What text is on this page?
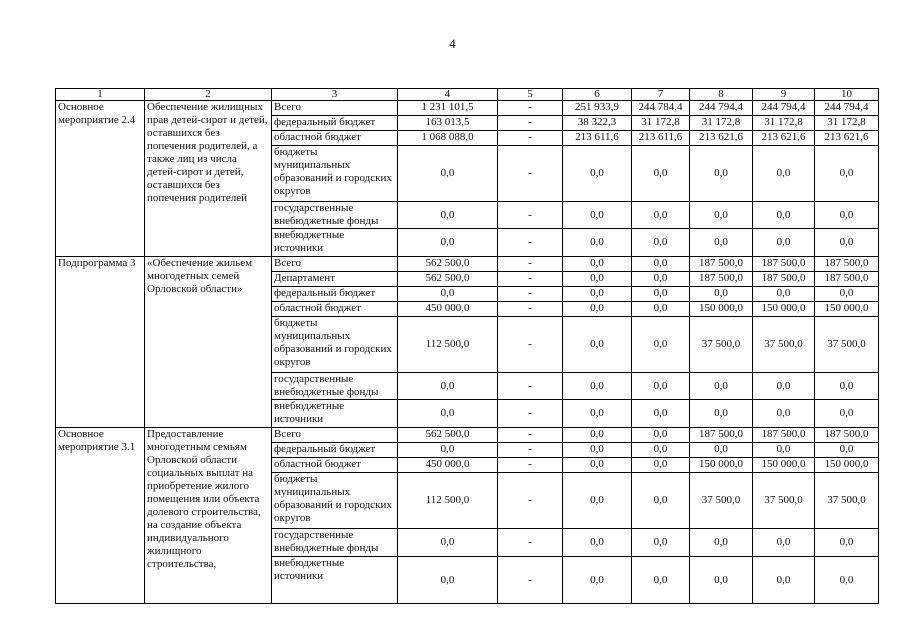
4
1	2	3	4	5	6	7	8	9	10
Основное мероприятие 2.4	Обеспечение жилищных прав детей-сирот и детей, оставшихся без попечения родителей, а также лиц из числа детей-сирот и детей, оставшихся без попечения родителей	Всего	1 231 101,5	-	251 933,9	244 784,4	244 794,4	244 794,4	244 794,4
		федеральный бюджет	163 013,5	-	38 322,3	31 172,8	31 172,8	31 172,8	31 172,8
		областной бюджет	1 068 088,0	-	213 611,6	213 611,6	213 621,6	213 621,6	213 621,6
		бюджеты муниципальных образований и городских округов	0,0	-	0,0	0,0	0,0	0,0	0,0
		государственные внебюджетные фонды	0,0	-	0,0	0,0	0,0	0,0	0,0
		внебюджетные источники	0,0	-	0,0	0,0	0,0	0,0	0,0
Подпрограмма 3	«Обеспечение жильем многодетных семей Орловской области»	Всего	562 500,0	-	0,0	0,0	187 500,0	187 500,0	187 500,0
		Департамент	562 500,0	-	0,0	0,0	187 500,0	187 500,0	187 500,0
		федеральный бюджет	0,0	-	0,0	0,0	0,0	0,0	0,0
		областной бюджет	450 000,0	-	0,0	0,0	150 000,0	150 000,0	150 000,0
		бюджеты муниципальных образований и городских округов	112 500,0	-	0,0	0,0	37 500,0	37 500,0	37 500,0
		государственные внебюджетные фонды	0,0	-	0,0	0,0	0,0	0,0	0,0
		внебюджетные источники	0,0	-	0,0	0,0	0,0	0,0	0,0
Основное мероприятие 3.1	Предоставление многодетным семьям Орловской области социальных выплат на приобретение жилого помещения или объекта долевого строительства, на создание объекта индивидуального жилищного строительства,	Всего	562 500,0	-	0,0	0,0	187 500,0	187 500,0	187 500,0
		федеральный бюджет	0,0	-	0,0	0,0	0,0	0,0	0,0
		областной бюджет	450 000,0	-	0,0	0,0	150 000,0	150 000,0	150 000,0
		бюджеты муниципальных образований и городских округов	112 500,0	-	0,0	0,0	37 500,0	37 500,0	37 500,0
		государственные внебюджетные фонды	0,0	-	0,0	0,0	0,0	0,0	0,0
		внебюджетные источники	0,0	-	0,0	0,0	0,0	0,0	0,0
